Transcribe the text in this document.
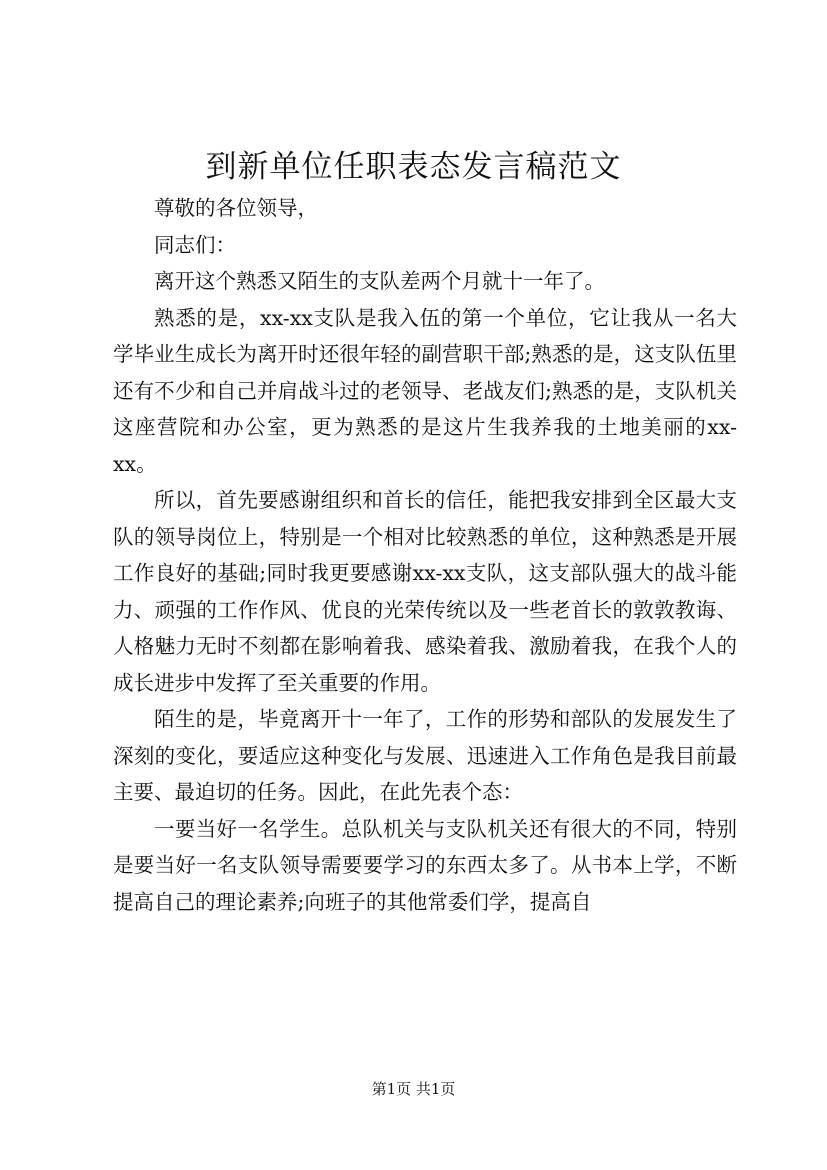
到新单位任职表态发言稿范文

尊敬的各位领导，

同志们：

离开这个熟悉又陌生的支队差两个月就十一年了。

熟悉的是，xx-xx支队是我入伍的第一个单位，它让我从一名大学毕业生成长为离开时还很年轻的副营职干部;熟悉的是，这支队伍里还有不少和自己并肩战斗过的老领导、老战友们;熟悉的是，支队机关这座营院和办公室，更为熟悉的是这片生我养我的土地美丽的xx-xx。

所以，首先要感谢组织和首长的信任，能把我安排到全区最大支队的领导岗位上，特别是一个相对比较熟悉的单位，这种熟悉是开展工作良好的基础;同时我更要感谢xx-xx支队，这支部队强大的战斗能力、顽强的工作作风、优良的光荣传统以及一些老首长的敦敦教诲、人格魅力无时不刻都在影响着我、感染着我、激励着我，在我个人的成长进步中发挥了至关重要的作用。

陌生的是，毕竟离开十一年了，工作的形势和部队的发展发生了深刻的变化，要适应这种变化与发展、迅速进入工作角色是我目前最主要、最迫切的任务。因此，在此先表个态：

一要当好一名学生。总队机关与支队机关还有很大的不同，特别是要当好一名支队领导需要要学习的东西太多了。从书本上学，不断提高自己的理论素养;向班子的其他常委们学，提高自

第1页 共1页
